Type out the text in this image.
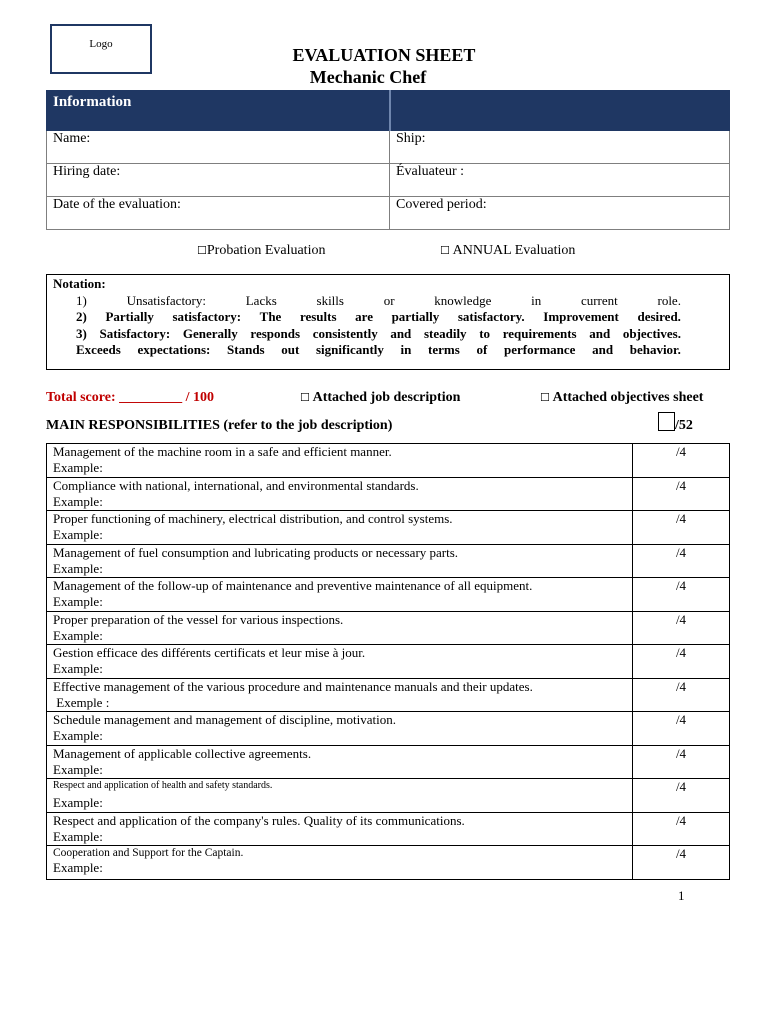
Logo
EVALUATION SHEET
Mechanic Chef
Information	
Name:	Ship:
Hiring date:	Évaluateur :
Date of the evaluation:	Covered period:
☐Probation Evaluation	☐ ANNUAL Evaluation
Notation:
1)	Unsatisfactory:	Lacks	skills	or	knowledge	in	current	role.
2) Partially satisfactory: The results are partially satisfactory. Improvement desired.
3) Satisfactory: Generally responds consistently and steadily to requirements and objectives.
Exceeds expectations: Stands out significantly in terms of performance and behavior.
Total score: _________ / 100	☐ Attached job description	☐ Attached objectives sheet
MAIN RESPONSIBILITIES (refer to the job description)	/52
Management of the machine room in a safe and efficient manner.
Example:	/4

Compliance with national, international, and environmental standards.
Example:	/4

Proper functioning of machinery, electrical distribution, and control systems.
Example:	/4

Management of fuel consumption and lubricating products or necessary parts.
Example:	/4

Management of the follow-up of maintenance and preventive maintenance of all equipment.
Example:	/4

Proper preparation of the vessel for various inspections.
Example:	/4

Gestion efficace des différents certificats et leur mise à jour.
Example:	/4

Effective management of the various procedure and maintenance manuals and their updates.
Exemple :	/4

Schedule management and management of discipline, motivation.
Example:	/4

Management of applicable collective agreements.
Example:	/4

Respect and application of health and safety standards.
Example:	/4

Respect and application of the company's rules. Quality of its communications.
Example:	/4

Cooperation and Support for the Captain.
Example:	/4
1
